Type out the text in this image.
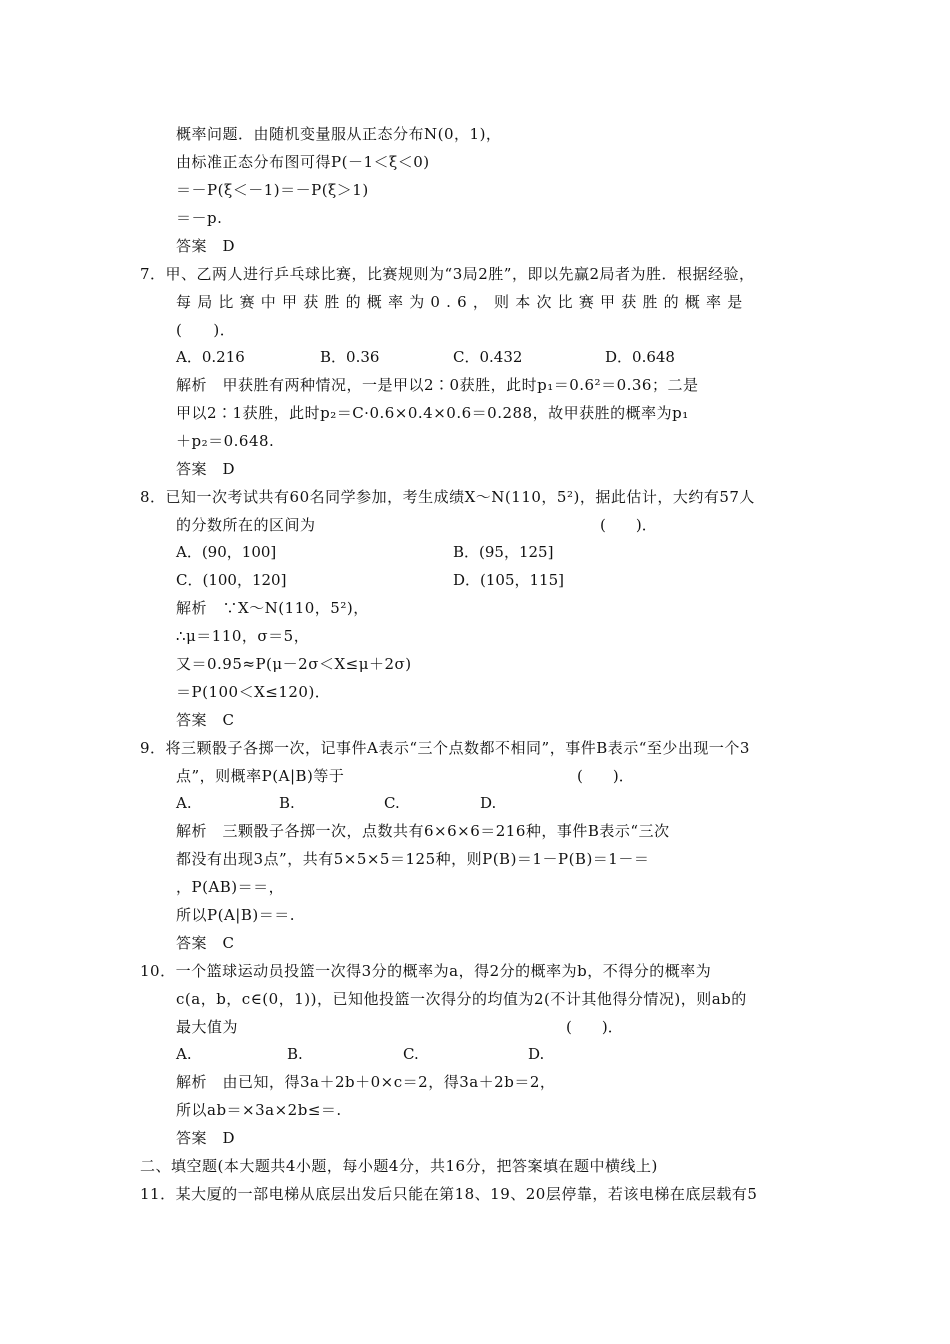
概率问题．由随机变量服从正态分布N(0，1)，
由标准正态分布图可得P(－1＜ξ＜0)
＝－P(ξ＜－1)＝－P(ξ＞1)
＝－p.
答案　D
7．甲、乙两人进行乒乓球比赛，比赛规则为“3局2胜”，即以先赢2局者为胜．根据经验，
每局比赛中甲获胜的概率为0.6，则本次比赛甲获胜的概率是
(　　)．
A．0.216	B．0.36	C．0.432	D．0.648
解析　甲获胜有两种情况，一是甲以2∶0获胜，此时p₁＝0.6²＝0.36；二是
甲以2∶1获胜，此时p₂＝C·0.6×0.4×0.6＝0.288，故甲获胜的概率为p₁
＋p₂＝0.648.
答案　D
8．已知一次考试共有60名同学参加，考生成绩X～N(110，5²)，据此估计，大约有57人
的分数所在的区间为	(　　)．
A．(90，100]	B．(95，125]
C．(100，120]	D．(105，115]
解析　∵X～N(110，5²)，
∴μ＝110，σ＝5，
又＝0.95≈P(μ－2σ＜X≤μ＋2σ)
＝P(100＜X≤120)．
答案　C
9．将三颗骰子各掷一次，记事件A表示“三个点数都不相同”，事件B表示“至少出现一个3
点”，则概率P(A|B)等于	(　　)．
A.	B.	C.	D.
解析　三颗骰子各掷一次，点数共有6×6×6＝216种，事件B表示“三次
都没有出现3点”，共有5×5×5＝125种，则P(B)＝1－P(B)＝1－＝
，P(AB)＝＝，
所以P(A|B)＝＝.
答案　C
10．一个篮球运动员投篮一次得3分的概率为a，得2分的概率为b，不得分的概率为
c(a，b，c∈(0，1))，已知他投篮一次得分的均值为2(不计其他得分情况)，则ab的
最大值为	(　　)．
A.	B.	C.	D.
解析　由已知，得3a＋2b＋0×c＝2，得3a＋2b＝2，
所以ab＝×3a×2b≤＝.
答案　D
二、填空题(本大题共4小题，每小题4分，共16分，把答案填在题中横线上)
11．某大厦的一部电梯从底层出发后只能在第18、19、20层停靠，若该电梯在底层载有5
